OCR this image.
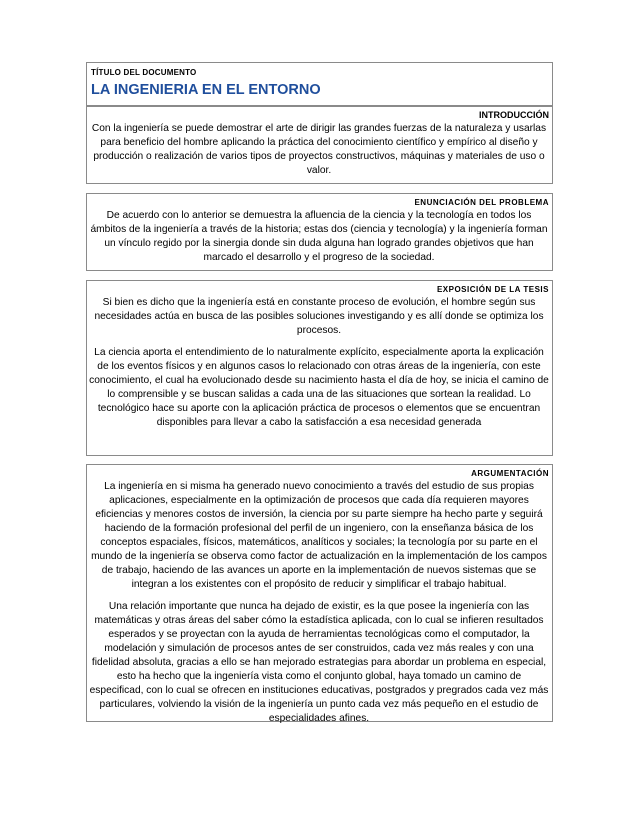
TÍTULO DEL DOCUMENTO
LA INGENIERIA EN EL ENTORNO
INTRODUCCIÓN

Con la ingeniería se puede demostrar el arte de dirigir las grandes fuerzas de la naturaleza y usarlas para beneficio del hombre aplicando la práctica del conocimiento científico y empírico al diseño y producción o realización de varios tipos de proyectos constructivos, máquinas y materiales de uso o valor.

ENUNCIACIÓN DEL PROBLEMA

De acuerdo con lo anterior se demuestra la afluencia de la ciencia y la tecnología en todos los ámbitos de la ingeniería a través de la historia; estas dos (ciencia y tecnología) y la ingeniería forman un vínculo regido por la sinergia donde sin duda alguna han logrado grandes objetivos que han marcado el desarrollo y el progreso de la sociedad.

EXPOSICIÓN DE LA TESIS

Si bien es dicho que la ingeniería está en constante proceso de evolución, el hombre según sus necesidades actúa en busca de las posibles soluciones investigando y es allí donde se optimiza los procesos.

La ciencia aporta el entendimiento de lo naturalmente explícito, especialmente aporta la explicación de los eventos físicos y en algunos casos lo relacionado con otras áreas de la ingeniería, con este conocimiento, el cual ha evolucionado desde su nacimiento hasta el día de hoy, se inicia el camino de lo comprensible y se buscan salidas a cada una de las situaciones que sortean la realidad. Lo tecnológico hace su aporte con la aplicación práctica de procesos o elementos que se encuentran disponibles para llevar a cabo la satisfacción a esa necesidad generada

ARGUMENTACIÓN

La ingeniería en si misma ha generado nuevo conocimiento a través del estudio de sus propias aplicaciones, especialmente en la optimización de procesos que cada día requieren mayores eficiencias y menores costos de inversión, la ciencia por su parte siempre ha hecho parte y seguirá haciendo de la formación profesional del perfil de un ingeniero, con la enseñanza básica de los conceptos espaciales, físicos, matemáticos, analíticos y sociales; la tecnología por su parte en el mundo de la ingeniería se observa como factor de actualización en la implementación de los campos de trabajo, haciendo de las avances un aporte en la implementación de nuevos sistemas que se integran a los existentes con el propósito de reducir y simplificar el trabajo habitual.

Una relación importante que nunca ha dejado de existir, es la que posee la ingeniería con las matemáticas y otras áreas del saber cómo la estadística aplicada, con lo cual se infieren resultados esperados y se proyectan con la ayuda de herramientas tecnológicas como el computador, la modelación y simulación de procesos antes de ser construidos, cada vez más reales y con una fidelidad absoluta, gracias a ello se han mejorado estrategias para abordar un problema en especial, esto ha hecho que la ingeniería vista como el conjunto global, haya tomado un camino de especificad, con lo cual se ofrecen en instituciones educativas, postgrados y pregrados cada vez más particulares, volviendo la visión de la ingeniería un punto cada vez más pequeño en el estudio de especialidades afines.
